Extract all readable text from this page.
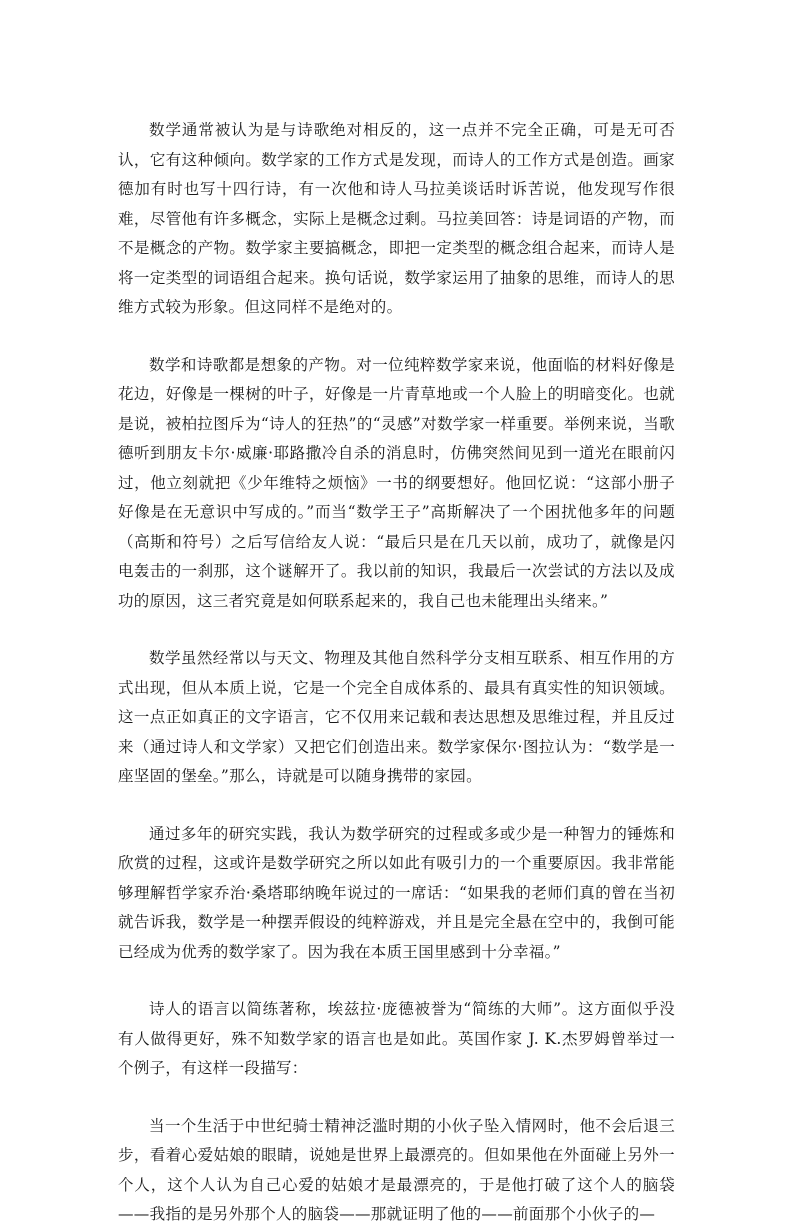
数学通常被认为是与诗歌绝对相反的，这一点并不完全正确，可是无可否认，它有这种倾向。数学家的工作方式是发现，而诗人的工作方式是创造。画家德加有时也写十四行诗，有一次他和诗人马拉美谈话时诉苦说，他发现写作很难，尽管他有许多概念，实际上是概念过剩。马拉美回答：诗是词语的产物，而不是概念的产物。数学家主要搞概念，即把一定类型的概念组合起来，而诗人是将一定类型的词语组合起来。换句话说，数学家运用了抽象的思维，而诗人的思维方式较为形象。但这同样不是绝对的。

数学和诗歌都是想象的产物。对一位纯粹数学家来说，他面临的材料好像是花边，好像是一棵树的叶子，好像是一片青草地或一个人脸上的明暗变化。也就是说，被柏拉图斥为“诗人的狂热”的“灵感”对数学家一样重要。举例来说，当歌德听到朋友卡尔·威廉·耶路撒冷自杀的消息时，仿佛突然间见到一道光在眼前闪过，他立刻就把《少年维特之烦恼》一书的纲要想好。他回忆说：“这部小册子好像是在无意识中写成的。”而当“数学王子”高斯解决了一个困扰他多年的问题（高斯和符号）之后写信给友人说：“最后只是在几天以前，成功了，就像是闪电轰击的一刹那，这个谜解开了。我以前的知识，我最后一次尝试的方法以及成功的原因，这三者究竟是如何联系起来的，我自己也未能理出头绪来。”

数学虽然经常以与天文、物理及其他自然科学分支相互联系、相互作用的方式出现，但从本质上说，它是一个完全自成体系的、最具有真实性的知识领域。这一点正如真正的文字语言，它不仅用来记载和表达思想及思维过程，并且反过来（通过诗人和文学家）又把它们创造出来。数学家保尔·图拉认为：“数学是一座坚固的堡垒。”那么，诗就是可以随身携带的家园。

通过多年的研究实践，我认为数学研究的过程或多或少是一种智力的锤炼和欣赏的过程，这或许是数学研究之所以如此有吸引力的一个重要原因。我非常能够理解哲学家乔治·桑塔耶纳晚年说过的一席话：“如果我的老师们真的曾在当初就告诉我，数学是一种摆弄假设的纯粹游戏，并且是完全悬在空中的，我倒可能已经成为优秀的数学家了。因为我在本质王国里感到十分幸福。”

诗人的语言以简练著称，埃兹拉·庞德被誉为“简练的大师”。这方面似乎没有人做得更好，殊不知数学家的语言也是如此。英国作家 J. K.杰罗姆曾举过一个例子，有这样一段描写：

当一个生活于中世纪骑士精神泛滥时期的小伙子坠入情网时，他不会后退三步，看着心爱姑娘的眼睛，说她是世界上最漂亮的。但如果他在外面碰上另外一个人，这个人认为自己心爱的姑娘才是最漂亮的，于是他打破了这个人的脑袋——我指的是另外那个人的脑袋——那就证明了他的——前面那个小伙子的—
